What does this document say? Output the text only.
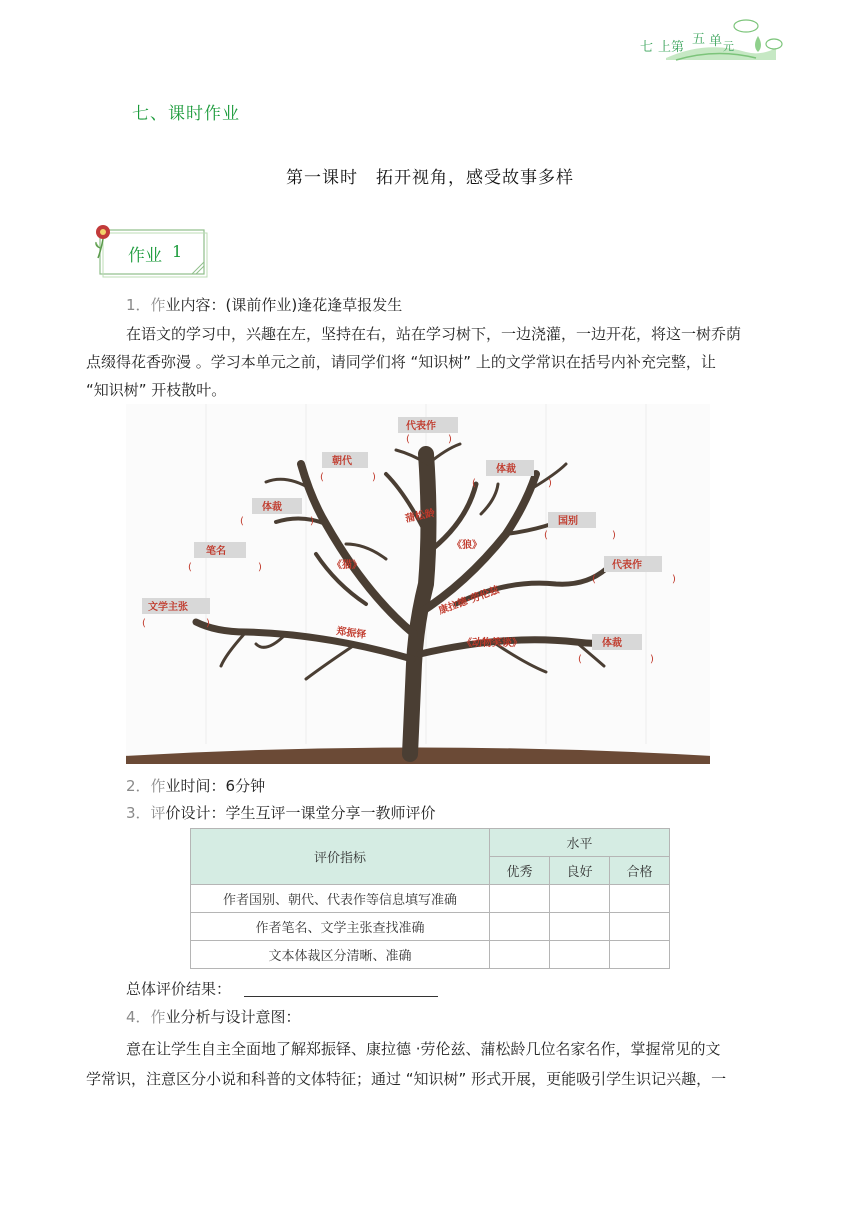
七 上第
五 单 元
七、课时作业
第一课时　拓开视角，感受故事多样
作业 1
1．作业内容：(课前作业)逢花逢草报发生
在语文的学习中，兴趣在左，坚持在右，站在学习树下，一边浇灌，一边开花，将这一树乔荫
点缀得花香弥漫 。学习本单元之前，请同学们将 “知识树” 上的文学常识在括号内补充完整，让
“知识树” 开枝散叶。
代表作
(	)
朝代
(	)
体裁
(	)
体裁
(	)	国别
(	)
笔名
(	)	代表作
(	)
文学主张
(	)
体裁
(	)
蒲松龄
《狼》
《猫》
康拉德·劳伦兹
郑振铎
《动物笑谈》
2．作业时间：6分钟
3．评价设计：学生互评一课堂分享一教师评价
评价指标	水平		
	优秀	良好	合格
作者国别、朝代、代表作等信息填写准确			
作者笔名、文学主张查找准确			
文本体裁区分清晰、准确			
总体评价结果：
4．作业分析与设计意图：
意在让学生自主全面地了解郑振铎、康拉德 ·劳伦兹、蒲松龄几位名家名作，掌握常见的文
学常识，注意区分小说和科普的文体特征；通过 “知识树” 形式开展，更能吸引学生识记兴趣，一
